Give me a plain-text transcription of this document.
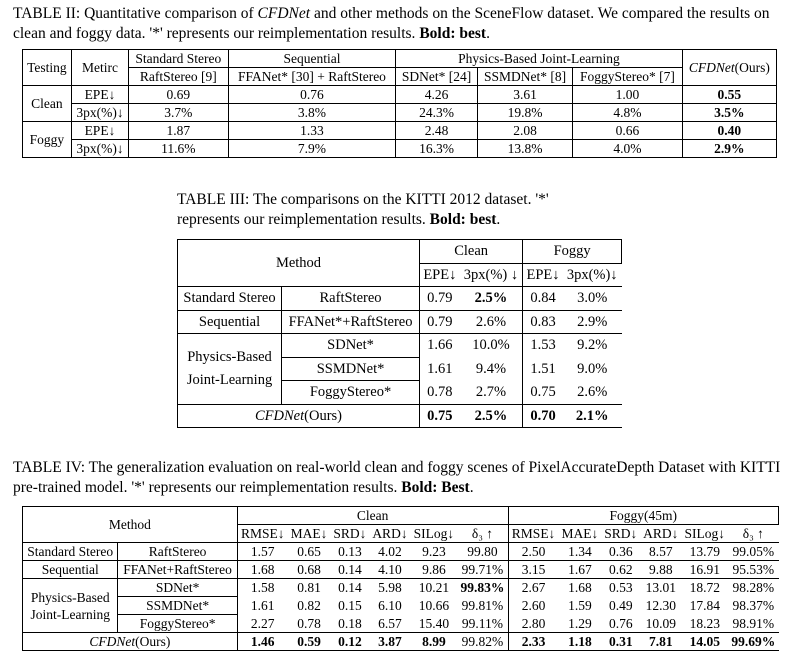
TABLE II: Quantitative comparison of CFDNet and other methods on the SceneFlow dataset. We compared the results on clean and foggy data. '*' represents our reimplementation results. Bold: best.

Testing	Metirc	Standard Stereo	Sequential	Physics-Based Joint-Learning			CFDNet(Ours)
		RaftStereo [9]	FFANet* [30] + RaftStereo	SDNet* [24]	SSMDNet* [8]	FoggyStereo* [7]	
Clean	EPE↓	0.69	0.76	4.26	3.61	1.00	0.55
	3px(%)↓	3.7%	3.8%	24.3%	19.8%	4.8%	3.5%
Foggy	EPE↓	1.87	1.33	2.48	2.08	0.66	0.40
	3px(%)↓	11.6%	7.9%	16.3%	13.8%	4.0%	2.9%

TABLE III: The comparisons on the KITTI 2012 dataset. '*'
represents our reimplementation results. Bold: best.

Method		Clean		Foggy	
		EPE↓	3px(%) ↓	EPE↓	3px(%)↓
Standard Stereo	RaftStereo	0.79	2.5%	0.84	3.0%
Sequential	FFANet*+RaftStereo	0.79	2.6%	0.83	2.9%
Physics-Based
Joint-Learning	SDNet*	1.66	10.0%	1.53	9.2%
	SSMDNet*	1.61	9.4%	1.51	9.0%
	FoggyStereo*	0.78	2.7%	0.75	2.6%
CFDNet(Ours)		0.75	2.5%	0.70	2.1%

TABLE IV: The generalization evaluation on real-world clean and foggy scenes of PixelAccurateDepth Dataset with KITTI
pre-trained model. '*' represents our reimplementation results. Bold: Best.

Method		Clean						Foggy(45m)					
		RMSE↓	MAE↓	SRD↓	ARD↓	SILog↓	δ₃ ↑	RMSE↓	MAE↓	SRD↓	ARD↓	SILog↓	δ₃ ↑
Standard Stereo	RaftStereo	1.57	0.65	0.13	4.02	9.23	99.80	2.50	1.34	0.36	8.57	13.79	99.05%
Sequential	FFANet+RaftStereo	1.68	0.68	0.14	4.10	9.86	99.71%	3.15	1.67	0.62	9.88	16.91	95.53%
Physics-Based
Joint-Learning	SDNet*	1.58	0.81	0.14	5.98	10.21	99.83%	2.67	1.68	0.53	13.01	18.72	98.28%
	SSMDNet*	1.61	0.82	0.15	6.10	10.66	99.81%	2.60	1.59	0.49	12.30	17.84	98.37%
	FoggyStereo*	2.27	0.78	0.18	6.57	15.40	99.11%	2.80	1.29	0.76	10.09	18.23	98.91%
CFDNet(Ours)		1.46	0.59	0.12	3.87	8.99	99.82%	2.33	1.18	0.31	7.81	14.05	99.69%
